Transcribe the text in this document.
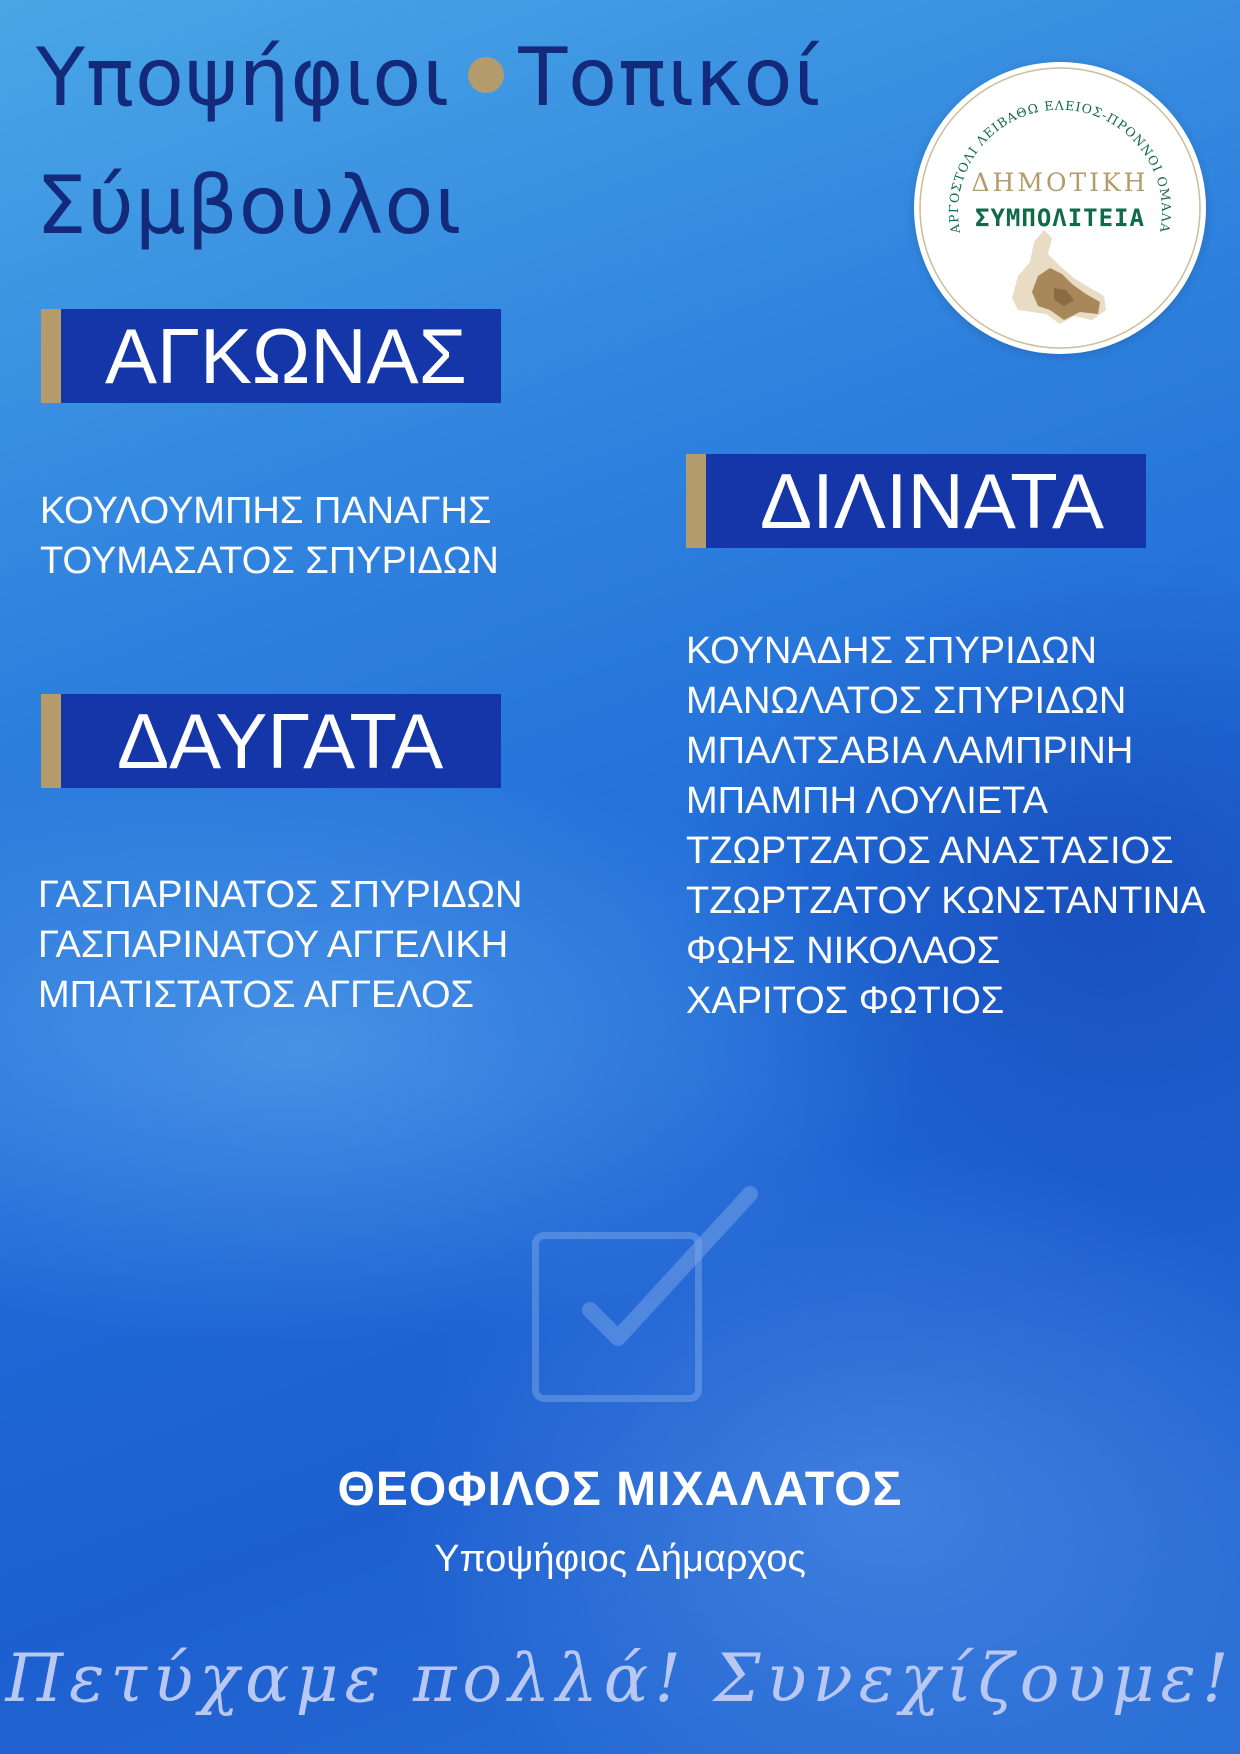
Υποψήφιοι Τοπικοί
Σύμβουλοι	ΑΡΓΟΣΤΟΛΙ ΛΕΙΒΑΘΩ ΕΛΕΙΟΣ-ΠΡΟΝΝΟΙ ΟΜΑΛΑ
ΔΗΜΟΤΙΚΗ
ΣΥΜΠΟΛΙΤΕΙΑ
ΑΓΚΩΝΑΣ
ΚΟΥΛΟΥΜΠΗΣ ΠΑΝΑΓΗΣ
ΤΟΥΜΑΣΑΤΟΣ ΣΠΥΡΙΔΩΝ
ΔΙΛΙΝΑΤΑ
ΚΟΥΝΑΔΗΣ ΣΠΥΡΙΔΩΝ
ΜΑΝΩΛΑΤΟΣ ΣΠΥΡΙΔΩΝ
ΜΠΑΛΤΣΑΒΙΑ ΛΑΜΠΡΙΝΗ
ΜΠΑΜΠΗ ΛΟΥΛΙΕΤΑ
ΤΖΩΡΤΖΑΤΟΣ ΑΝΑΣΤΑΣΙΟΣ
ΤΖΩΡΤΖΑΤΟΥ ΚΩΝΣΤΑΝΤΙΝΑ
ΦΩΗΣ ΝΙΚΟΛΑΟΣ
ΧΑΡΙΤΟΣ ΦΩΤΙΟΣ
ΔΑΥΓΑΤΑ
ΓΑΣΠΑΡΙΝΑΤΟΣ ΣΠΥΡΙΔΩΝ
ΓΑΣΠΑΡΙΝΑΤΟΥ ΑΓΓΕΛΙΚΗ
ΜΠΑΤΙΣΤΑΤΟΣ ΑΓΓΕΛΟΣ
ΘΕΟΦΙΛΟΣ ΜΙΧΑΛΑΤΟΣ
Υποψήφιος Δήμαρχος
Πετύχαμε πολλά! Συνεχίζουμε!
